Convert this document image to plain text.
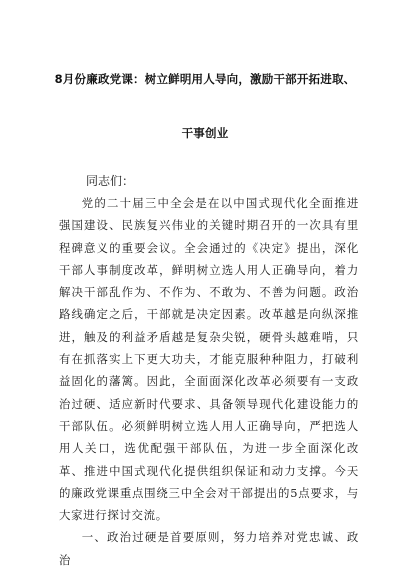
8月份廉政党课：树立鲜明用人导向，激励干部开拓进取、
干事创业
同志们：

党的二十届三中全会是在以中国式现代化全面推进强国建设、民族复兴伟业的关键时期召开的一次具有里程碑意义的重要会议。全会通过的《决定》提出，深化干部人事制度改革，鲜明树立选人用人正确导向，着力解决干部乱作为、不作为、不敢为、不善为问题。政治路线确定之后，干部就是决定因素。改革越是向纵深推进，触及的利益矛盾越是复杂尖锐，硬骨头越难啃，只有在抓落实上下更大功夫，才能克服种种阻力，打破利益固化的藩篱。因此，全面面深化改革必须要有一支政治过硬、适应新时代要求、具备领导现代化建设能力的干部队伍。必须鲜明树立选人用人正确导向，严把选人用人关口，选优配强干部队伍，为进一步全面深化改革、推进中国式现代化提供组织保证和动力支撑。今天的廉政党课重点围绕三中全会对干部提出的5点要求，与大家进行探讨交流。

一、政治过硬是首要原则，努力培养对党忠诚、政治
